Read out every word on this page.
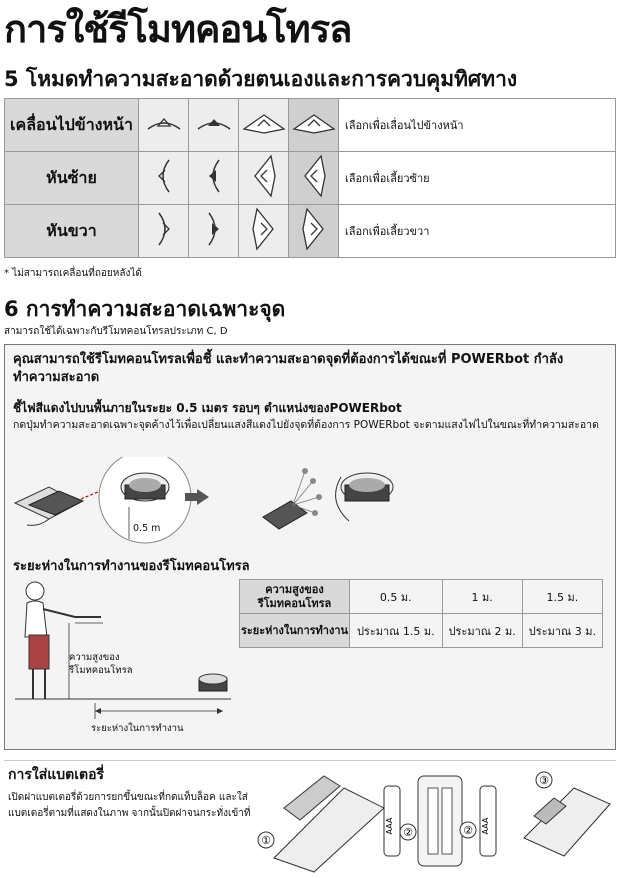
การใช้รีโมทคอนโทรล
5 โหมดทำความสะอาดด้วยตนเองและการควบคุมทิศทาง
เคลื่อนไปข้างหน้า					เลือกเพื่อเลื่อนไปข้างหน้า
หันซ้าย					เลือกเพื่อเลี้ยวซ้าย
หันขวา					เลือกเพื่อเลี้ยวขวา
* ไม่สามารถเคลื่อนที่ถอยหลังได้
6 การทำความสะอาดเฉพาะจุด
สามารถใช้ได้เฉพาะกับรีโมทคอนโทรลประเภท C, D
คุณสามารถใช้รีโมทคอนโทรลเพื่อชี้ และทำความสะอาดจุดที่ต้องการได้ขณะที่ POWERbot กำลังทำความสะอาด
ชี้ไฟสีแดงไปบนพื้นภายในระยะ 0.5 เมตร รอบๆ ตำแหน่งของPOWERbot
กดปุ่มทำความสะอาดเฉพาะจุดค้างไว้เพื่อเปลี่ยนแสงสีแดงไปยังจุดที่ต้องการ POWERbot จะตามแสงไฟไปในขณะที่ทำความสะอาด
0.5 m
ระยะห่างในการทำงานของรีโมทคอนโทรล
ความสูงของรีโมทคอนโทรล
ระยะห่างในการทำงาน
ความสูงของรีโมทคอนโทรล	0.5 ม.	1 ม.	1.5 ม.
ระยะห่างในการทำงาน	ประมาณ 1.5 ม.	ประมาณ 2 ม.	ประมาณ 3 ม.
การใส่แบตเตอรี่
เปิดฝาแบตเตอรี่ด้วยการยกขึ้นขณะที่กดแท็บล็อค และใส่แบตเตอรี่ตามที่แสดงในภาพ จากนั้นปิดฝาจนกระทั่งเข้าที่
①
AAA ②	② AAA
③
